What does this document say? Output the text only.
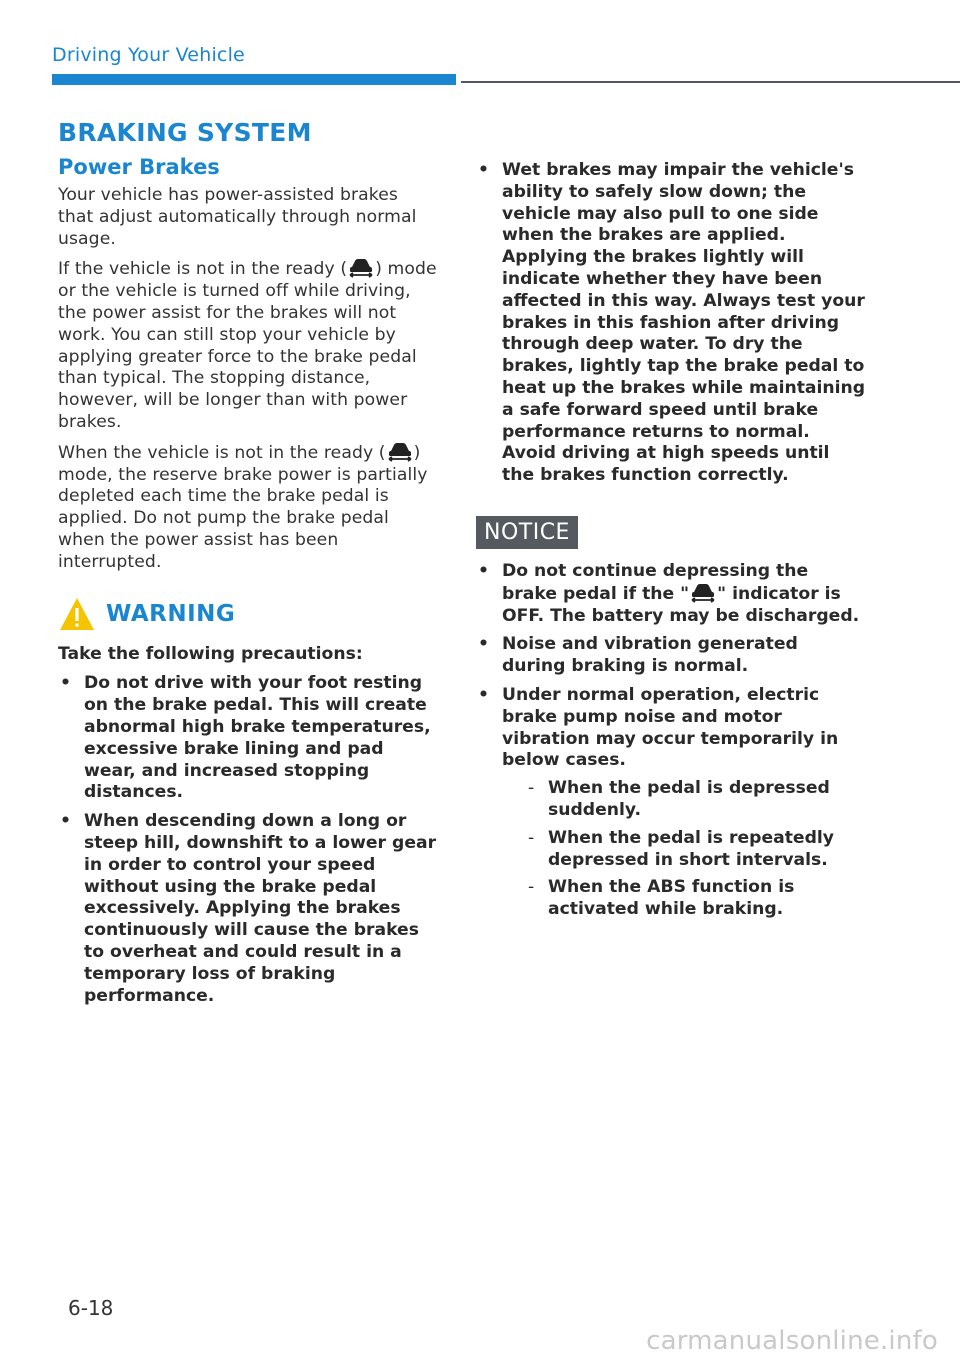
Driving Your Vehicle
BRAKING SYSTEM
Power Brakes

Your vehicle has power-assisted brakes that adjust automatically through normal usage.

If the vehicle is not in the ready ( ) mode or the vehicle is turned off while driving, the power assist for the brakes will not work. You can still stop your vehicle by applying greater force to the brake pedal than typical. The stopping distance, however, will be longer than with power brakes.

When the vehicle is not in the ready ( ) mode, the reserve brake power is partially depleted each time the brake pedal is applied. Do not pump the brake pedal when the power assist has been interrupted.

WARNING
Take the following precautions:
• Do not drive with your foot resting on the brake pedal. This will create abnormal high brake temperatures, excessive brake lining and pad wear, and increased stopping distances.
• When descending down a long or steep hill, downshift to a lower gear in order to control your speed without using the brake pedal excessively. Applying the brakes continuously will cause the brakes to overheat and could result in a temporary loss of braking performance.
• Wet brakes may impair the vehicle's ability to safely slow down; the vehicle may also pull to one side when the brakes are applied. Applying the brakes lightly will indicate whether they have been affected in this way. Always test your brakes in this fashion after driving through deep water. To dry the brakes, lightly tap the brake pedal to heat up the brakes while maintaining a safe forward speed until brake performance returns to normal. Avoid driving at high speeds until the brakes function correctly.
NOTICE
• Do not continue depressing the brake pedal if the " " indicator is OFF. The battery may be discharged.
• Noise and vibration generated during braking is normal.
• Under normal operation, electric brake pump noise and motor vibration may occur temporarily in below cases.
- When the pedal is depressed suddenly.
- When the pedal is repeatedly depressed in short intervals.
- When the ABS function is activated while braking.
6-18
carmanualsonline.info
